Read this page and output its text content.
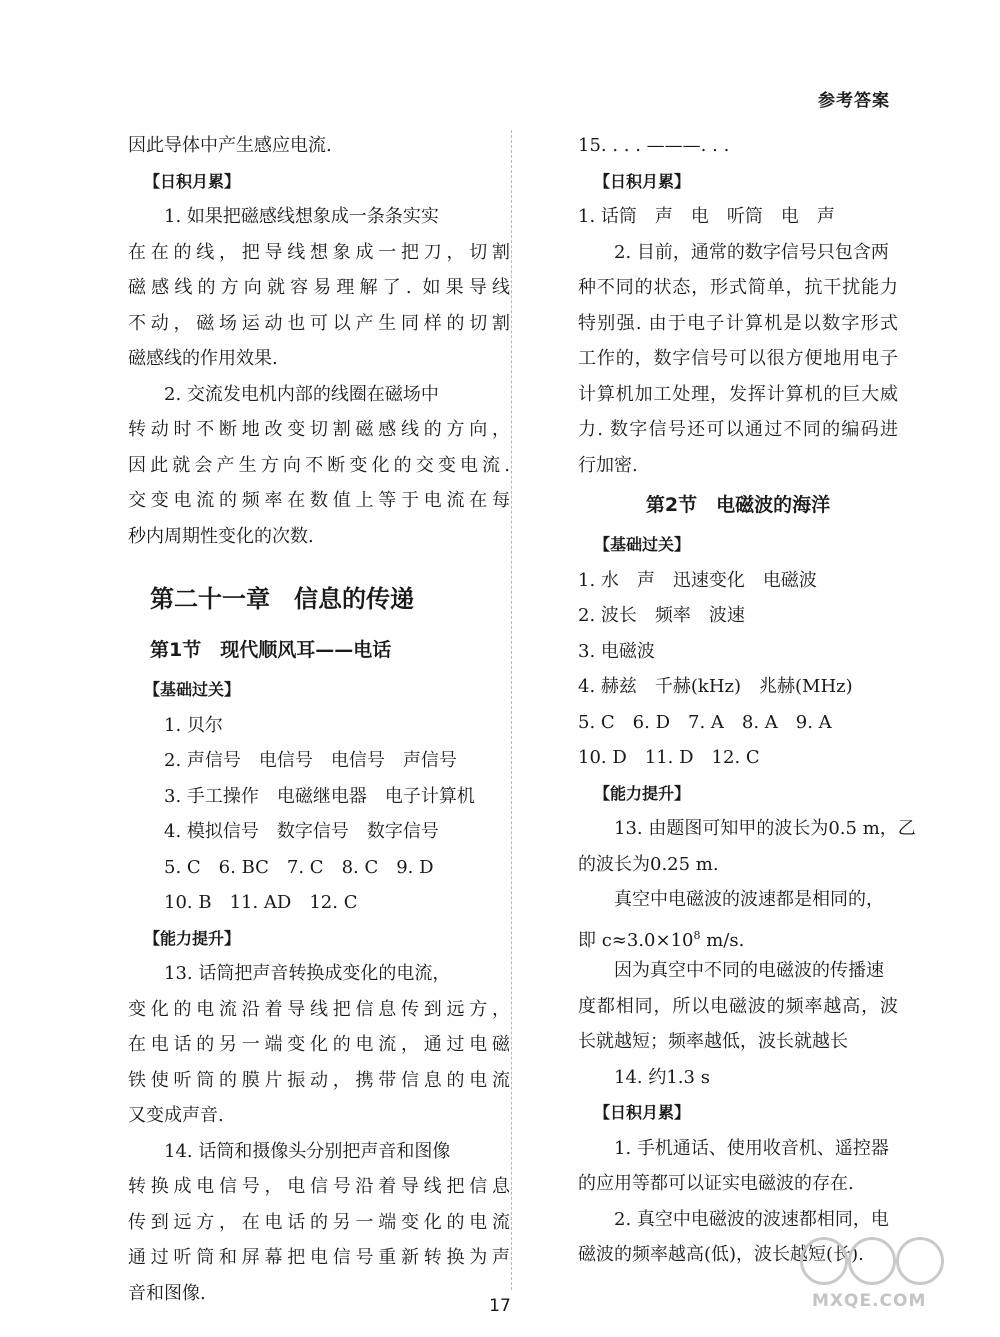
参考答案
因此导体中产生感应电流.
【日积月累】
1. 如果把磁感线想象成一条条实实
在在的线，把导线想象成一把刀，切割
磁感线的方向就容易理解了. 如果导线
不动，磁场运动也可以产生同样的切割
磁感线的作用效果.
2. 交流发电机内部的线圈在磁场中
转动时不断地改变切割磁感线的方向，
因此就会产生方向不断变化的交变电流.
交变电流的频率在数值上等于电流在每
秒内周期性变化的次数.
第二十一章　信息的传递
第1节　现代顺风耳——电话
【基础过关】
1. 贝尔
2. 声信号　电信号　电信号　声信号
3. 手工操作　电磁继电器　电子计算机
4. 模拟信号　数字信号　数字信号
5. C　6. BC　7. C　8. C　9. D
10. B　11. AD　12. C
【能力提升】
13. 话筒把声音转换成变化的电流，
变化的电流沿着导线把信息传到远方，
在电话的另一端变化的电流，通过电磁
铁使听筒的膜片振动，携带信息的电流
又变成声音.
14. 话筒和摄像头分别把声音和图像
转换成电信号，电信号沿着导线把信息
传到远方，在电话的另一端变化的电流
通过听筒和屏幕把电信号重新转换为声
音和图像.
15. . . . ———. . .
【日积月累】
1. 话筒　声　电　听筒　电　声
2. 目前，通常的数字信号只包含两
种不同的状态，形式简单，抗干扰能力
特别强. 由于电子计算机是以数字形式
工作的，数字信号可以很方便地用电子
计算机加工处理，发挥计算机的巨大威
力. 数字信号还可以通过不同的编码进
行加密.
第2节　电磁波的海洋
【基础过关】
1. 水　声　迅速变化　电磁波
2. 波长　频率　波速
3. 电磁波
4. 赫兹　千赫(kHz)　兆赫(MHz)
5. C　6. D　7. A　8. A　9. A
10. D　11. D　12. C
【能力提升】
13. 由题图可知甲的波长为0.5 m，乙
的波长为0.25 m.
真空中电磁波的波速都是相同的，
即 $c\approx 3.0\times 10^8$ m/s.
因为真空中不同的电磁波的传播速
度都相同，所以电磁波的频率越高，波
长就越短；频率越低，波长就越长
14. 约1.3 s
【日积月累】
1. 手机通话、使用收音机、遥控器
的应用等都可以证实电磁波的存在.
2. 真空中电磁波的波速都相同，电
磁波的频率越高(低)，波长越短(长).
17	MXQE.COM
